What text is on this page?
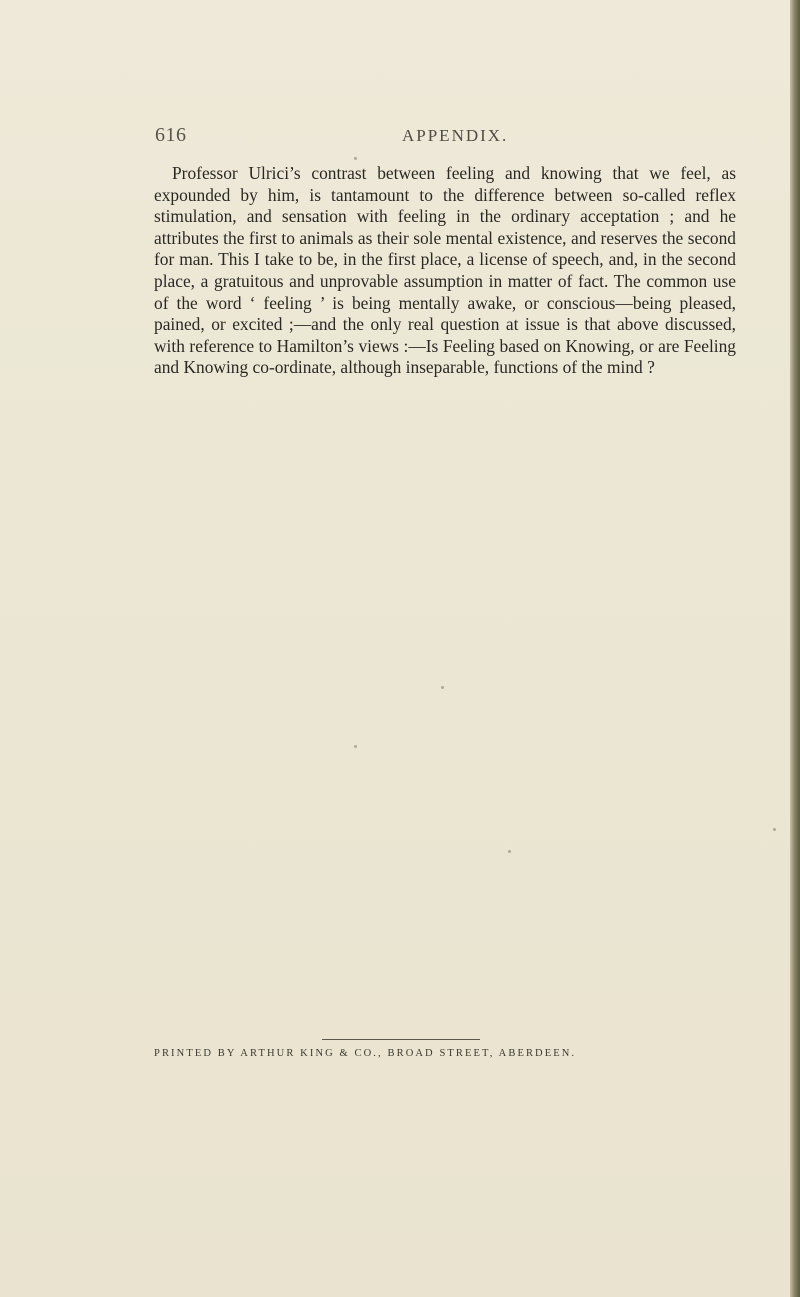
616	APPENDIX.

Professor Ulrici’s contrast between feeling and knowing that we feel, as expounded by him, is tantamount to the difference between so-called reflex stimulation, and sensation with feeling in the ordinary acceptation ; and he attributes the first to animals as their sole mental existence, and reserves the second for man. This I take to be, in the first place, a license of speech, and, in the second place, a gratuitous and unprovable assumption in matter of fact. The common use of the word ‘ feeling ’ is being mentally awake, or conscious—being pleased, pained, or excited ;—and the only real question at issue is that above discussed, with reference to Hamilton’s views :—Is Feeling based on Knowing, or are Feeling and Knowing co-ordinate, although inseparable, functions of the mind ?

PRINTED BY ARTHUR KING & CO., BROAD STREET, ABERDEEN.
